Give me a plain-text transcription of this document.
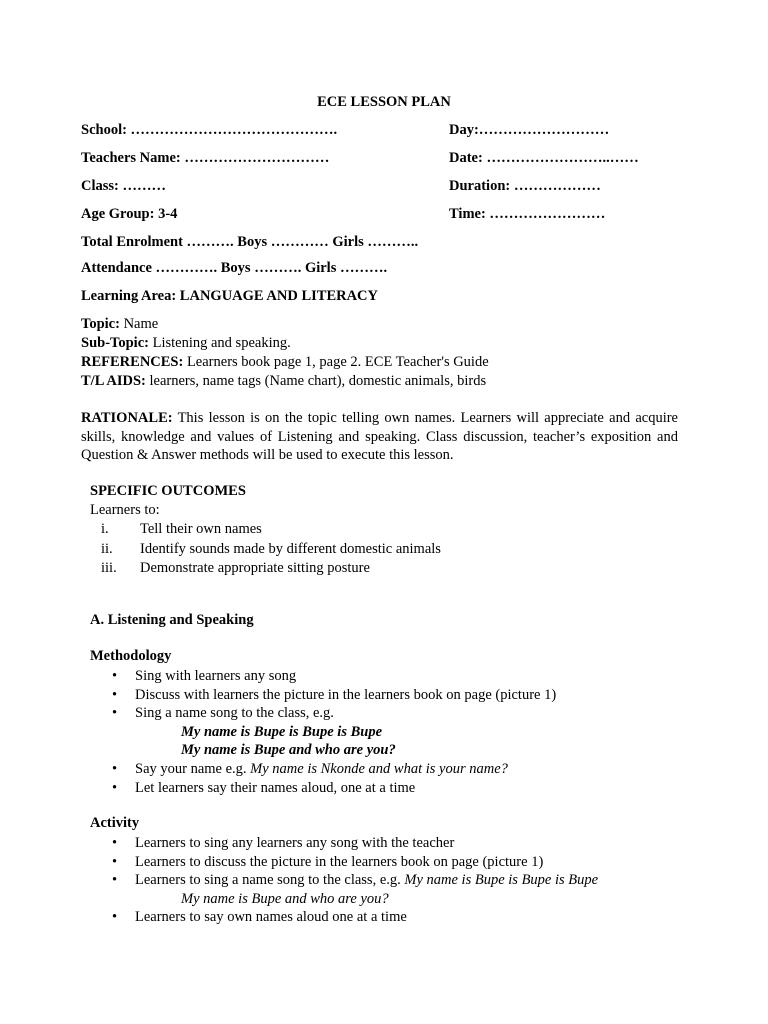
ECE LESSON PLAN
School: …………………………………….	Day:………………………
Teachers Name: …………………………	Date: ……………………..……
Class: ………	Duration: ………………
Age Group: 3-4	Time: ……………………
Total Enrolment ………. Boys ………… Girls ………..
Attendance …………. Boys ………. Girls ……….
Learning Area: LANGUAGE AND LITERACY
Topic: Name
Sub-Topic: Listening and speaking.
REFERENCES: Learners book page 1, page 2. ECE Teacher's Guide
T/L AIDS: learners, name tags (Name chart), domestic animals, birds
RATIONALE: This lesson is on the topic telling own names. Learners will appreciate and acquire skills, knowledge and values of Listening and speaking. Class discussion, teacher’s exposition and Question & Answer methods will be used to execute this lesson.
SPECIFIC OUTCOMES
Learners to:
i.	Tell their own names
ii.	Identify sounds made by different domestic animals
iii.	Demonstrate appropriate sitting posture
A. Listening and Speaking
Methodology
• Sing with learners any song
• Discuss with learners the picture in the learners book on page (picture 1)
• Sing a name song to the class, e.g.
My name is Bupe is Bupe is Bupe
My name is Bupe and who are you?
• Say your name e.g. My name is Nkonde and what is your name?
• Let learners say their names aloud, one at a time
Activity
• Learners to sing any learners any song with the teacher
• Learners to discuss the picture in the learners book on page (picture 1)
• Learners to sing a name song to the class, e.g. My name is Bupe is Bupe is Bupe
My name is Bupe and who are you?
• Learners to say own names aloud one at a time
